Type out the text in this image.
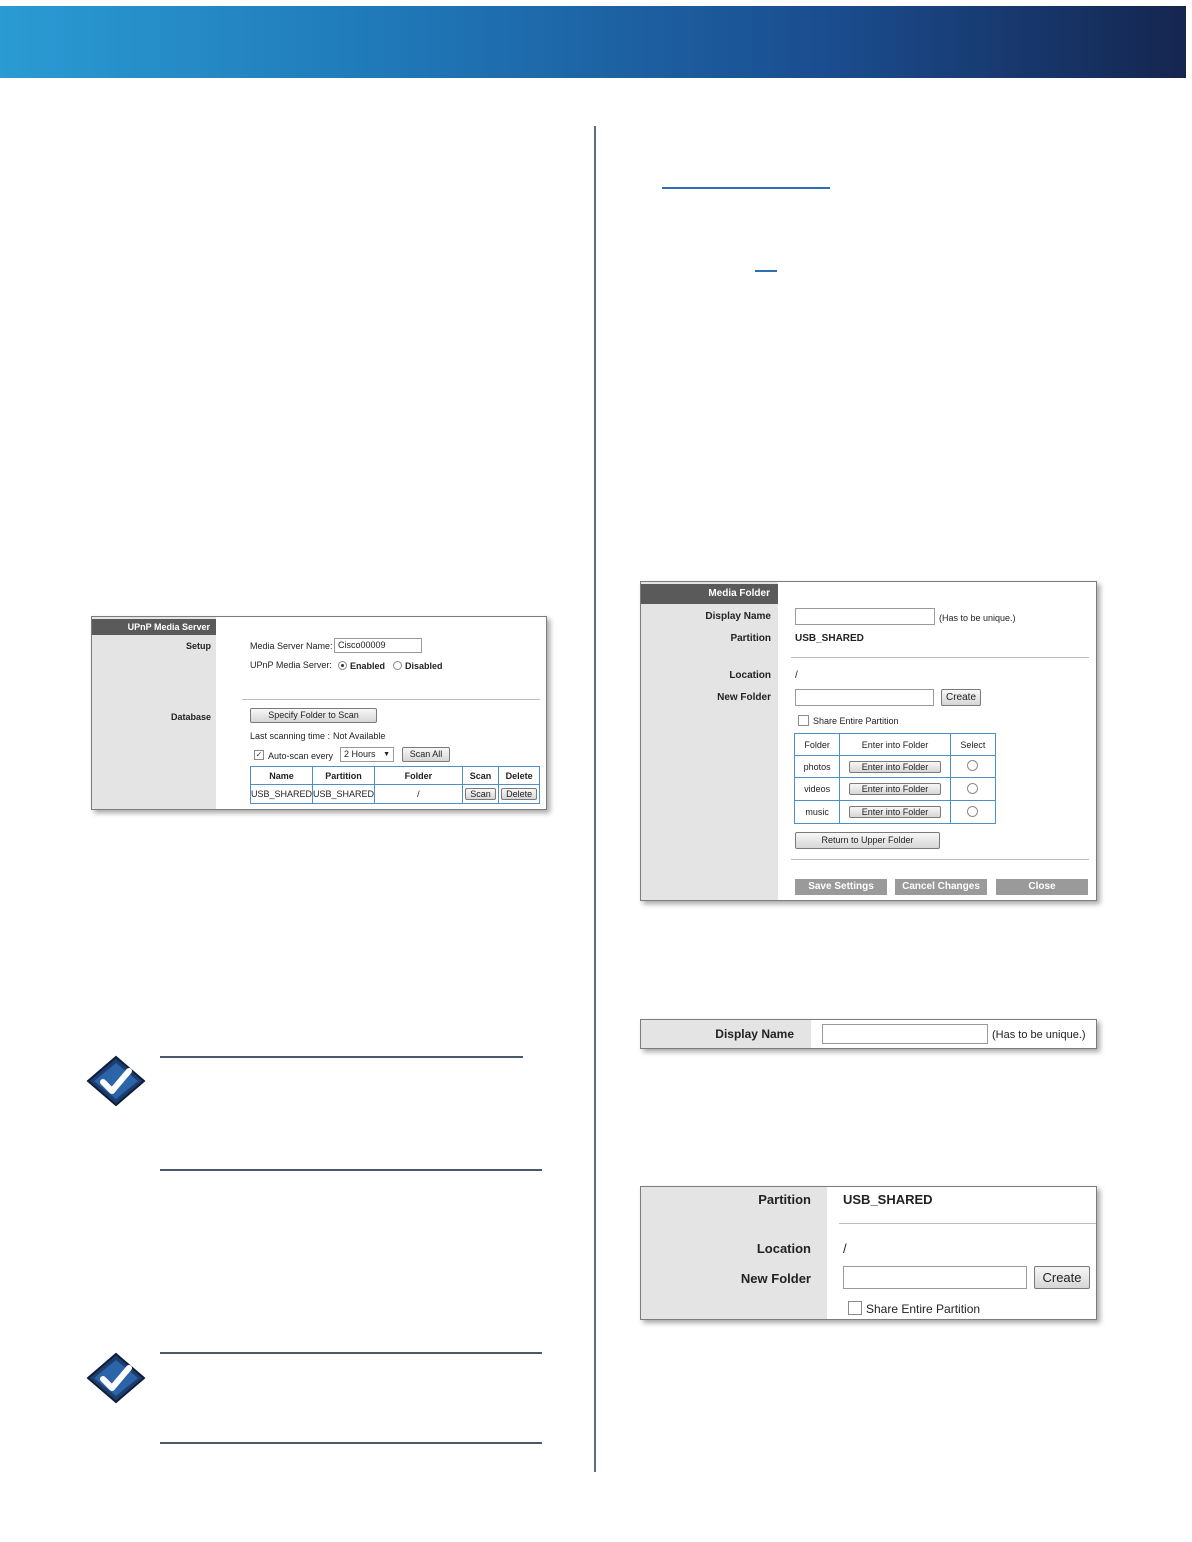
UPnP Media Server
Setup	Media Server Name: Cisco00009
UPnP Media Server: Enabled Disabled
Database	Specify Folder to Scan
Last scanning time : Not Available
✓ Auto-scan every	2 Hours ▼	Scan All
Name	Partition	Folder	Scan	Delete
USB_SHARED	USB_SHARED	/	Scan	Delete
Media Folder
Display Name	(Has to be unique.)
Partition USB_SHARED
Location /
New Folder	Create
Share Entire Partition
Folder	Enter into Folder	Select
photos	Enter into Folder	
videos	Enter into Folder	
music	Enter into Folder	
Return to Upper Folder
Save Settings	Cancel Changes	Close
Display Name	(Has to be unique.)
Partition USB_SHARED
Location /
New Folder	Create
Share Entire Partition
